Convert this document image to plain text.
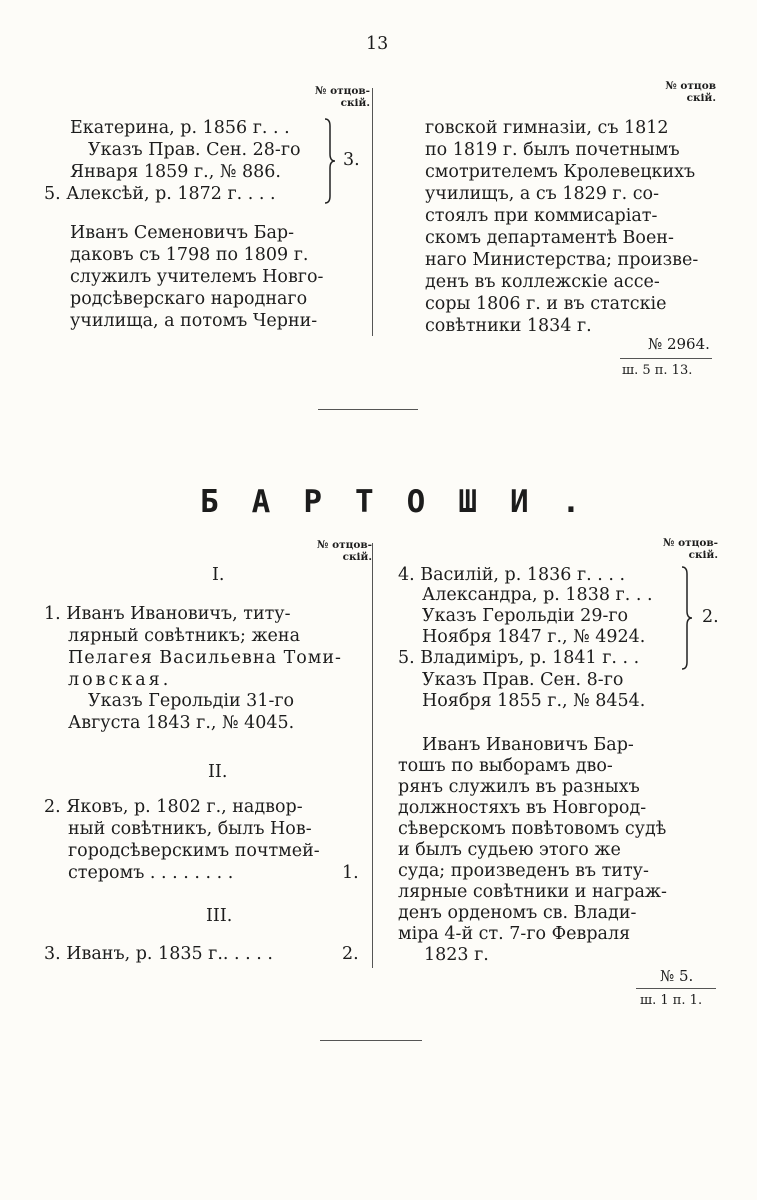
13
№ отцов-
скій.
№ отцов
скій.
Екатерина, р. 1856 г. . .
Указъ Прав. Сен. 28-го
Января 1859 г., № 886.
5. Алексѣй, р. 1872 г. . . .
3.
Иванъ Семеновичъ Бар-
даковъ съ 1798 по 1809 г.
служилъ учителемъ Новго-
родсѣверскаго народнаго
училища, а потомъ Черни-
говской гимназіи, съ 1812
по 1819 г. былъ почетнымъ
смотрителемъ Кролевецкихъ
училищъ, а съ 1829 г. со-
стоялъ при коммисаріат-
скомъ департаментѣ Воен-
наго Министерства; произве-
денъ въ коллежскіе ассе-
соры 1806 г. и въ статскіе
совѣтники 1834 г.
№ 2964.
ш. 5 п. 13.
БАРТОШИ.
№ отцов-
скій.
I.
1. Иванъ Ивановичъ, титу-
лярный совѣтникъ; жена
Пелагея Васильевна Томи-
ловская.
Указъ Герольдіи 31-го
Августа 1843 г., № 4045.
II.
2. Яковъ, р. 1802 г., надвор-
ный совѣтникъ, былъ Нов-
городсѣверскимъ почтмей-
стеромъ . . . . . . . .	1.
III.
3. Иванъ, р. 1835 г.. . . . .	2.
№ отцов-
скій.
4. Василій, р. 1836 г. . . .
Александра, р. 1838 г. . .
Указъ Герольдіи 29-го
Ноября 1847 г., № 4924.
5. Владиміръ, р. 1841 г. . .
Указъ Прав. Сен. 8-го
Ноября 1855 г., № 8454.
2.
Иванъ Ивановичъ Бар-
тошъ по выборамъ дво-
рянъ служилъ въ разныхъ
должностяхъ въ Новгород-
сѣверскомъ повѣтовомъ судѣ
и былъ судьею этого же
суда; произведенъ въ титу-
лярные совѣтники и награж-
денъ орденомъ св. Влади-
міра 4-й ст. 7-го Февраля
1823 г.
№ 5.
ш. 1 п. 1.
